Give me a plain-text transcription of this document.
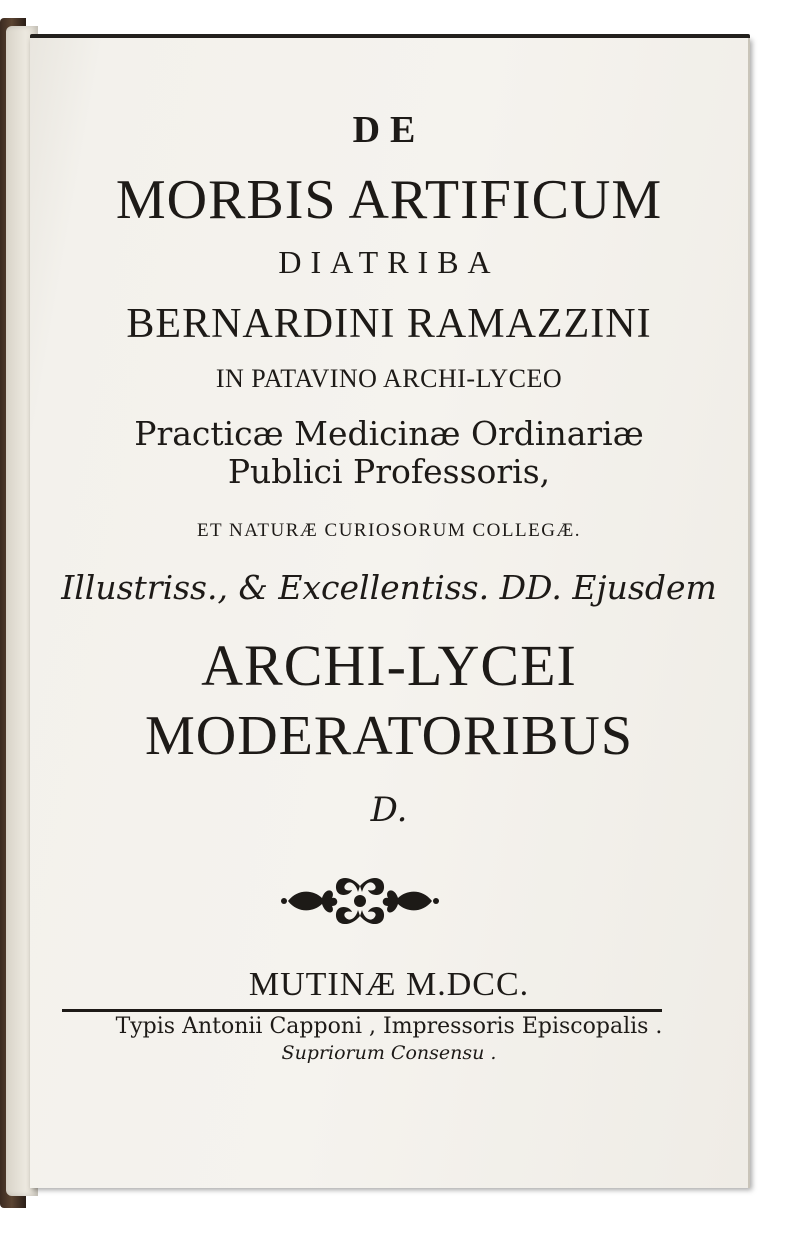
DE
MORBIS ARTIFICUM
DIATRIBA
BERNARDINI RAMAZZINI
IN PATAVINO ARCHI-LYCEO
Practicæ Medicinæ Ordinariæ
Publici Professoris,
ET NATURÆ CURIOSORUM COLLEGÆ.
Illustriss., & Excellentiss. DD. Ejusdem
ARCHI-LYCEI
MODERATORIBUS
D.
MUTINÆ M.DCC.
Typis Antonii Capponi , Impressoris Episcopalis .
Supriorum Consensu .
